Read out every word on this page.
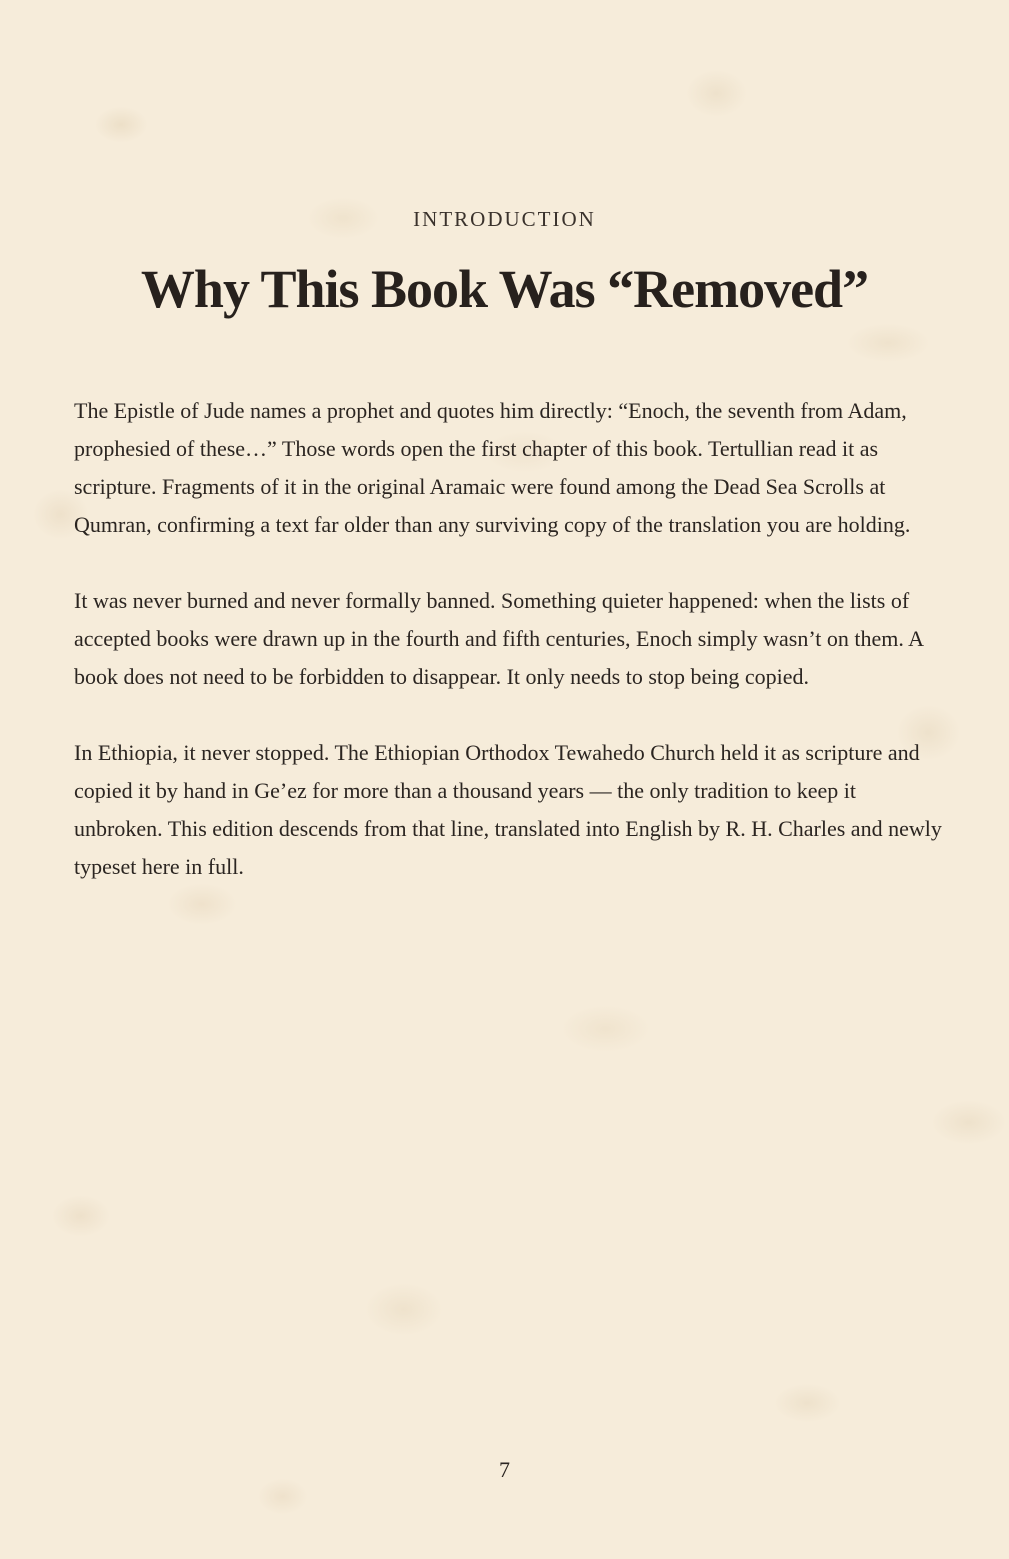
INTRODUCTION
Why This Book Was “Removed”

The Epistle of Jude names a prophet and quotes him directly: “Enoch, the seventh from Adam, prophesied of these…” Those words open the first chapter of this book. Tertullian read it as scripture. Fragments of it in the original Aramaic were found among the Dead Sea Scrolls at Qumran, confirming a text far older than any surviving copy of the translation you are holding.

It was never burned and never formally banned. Something quieter happened: when the lists of accepted books were drawn up in the fourth and fifth centuries, Enoch simply wasn’t on them. A book does not need to be forbidden to disappear. It only needs to stop being copied.

In Ethiopia, it never stopped. The Ethiopian Orthodox Tewahedo Church held it as scripture and copied it by hand in Ge’ez for more than a thousand years — the only tradition to keep it unbroken. This edition descends from that line, translated into English by R. H. Charles and newly typeset here in full.

7
